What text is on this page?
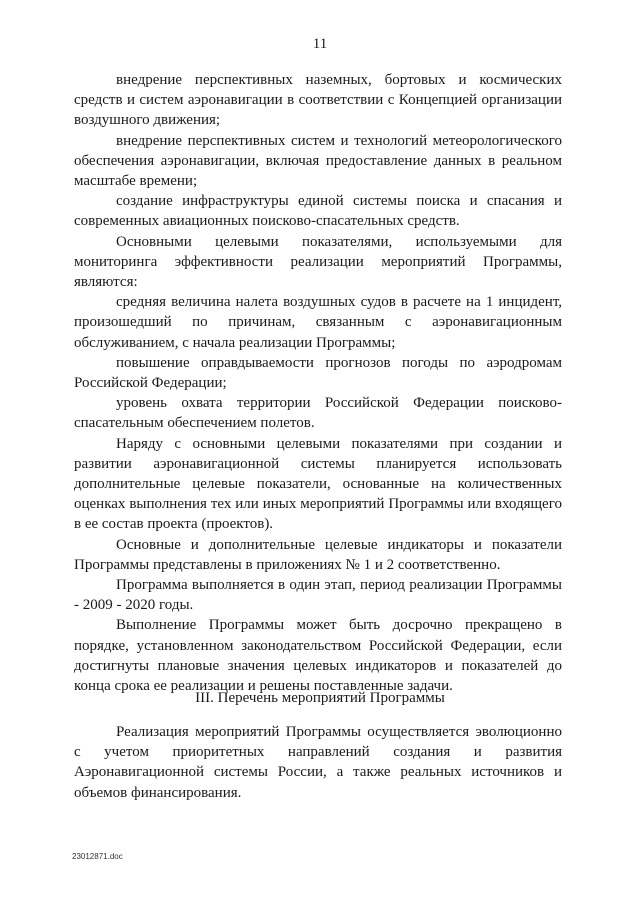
11

внедрение перспективных наземных, бортовых и космических средств и систем аэронавигации в соответствии с Концепцией организации воздушного движения;

внедрение перспективных систем и технологий метеорологического обеспечения аэронавигации, включая предоставление данных в реальном масштабе времени;

создание инфраструктуры единой системы поиска и спасания и современных авиационных поисково-спасательных средств.

Основными целевыми показателями, используемыми для мониторинга эффективности реализации мероприятий Программы, являются:

средняя величина налета воздушных судов в расчете на 1 инцидент, произошедший по причинам, связанным с аэронавигационным обслуживанием, с начала реализации Программы;

повышение оправдываемости прогнозов погоды по аэродромам Российской Федерации;

уровень охвата территории Российской Федерации поисково-спасательным обеспечением полетов.

Наряду с основными целевыми показателями при создании и развитии аэронавигационной системы планируется использовать дополнительные целевые показатели, основанные на количественных оценках выполнения тех или иных мероприятий Программы или входящего в ее состав проекта (проектов).

Основные и дополнительные целевые индикаторы и показатели Программы представлены в приложениях № 1 и 2 соответственно.

Программа выполняется в один этап, период реализации Программы - 2009 - 2020 годы.

Выполнение Программы может быть досрочно прекращено в порядке, установленном законодательством Российской Федерации, если достигнуты плановые значения целевых индикаторов и показателей до конца срока ее реализации и решены поставленные задачи.

III. Перечень мероприятий Программы

Реализация мероприятий Программы осуществляется эволюционно с учетом приоритетных направлений создания и развития Аэронавигационной системы России, а также реальных источников и объемов финансирования.

23012871.doc
